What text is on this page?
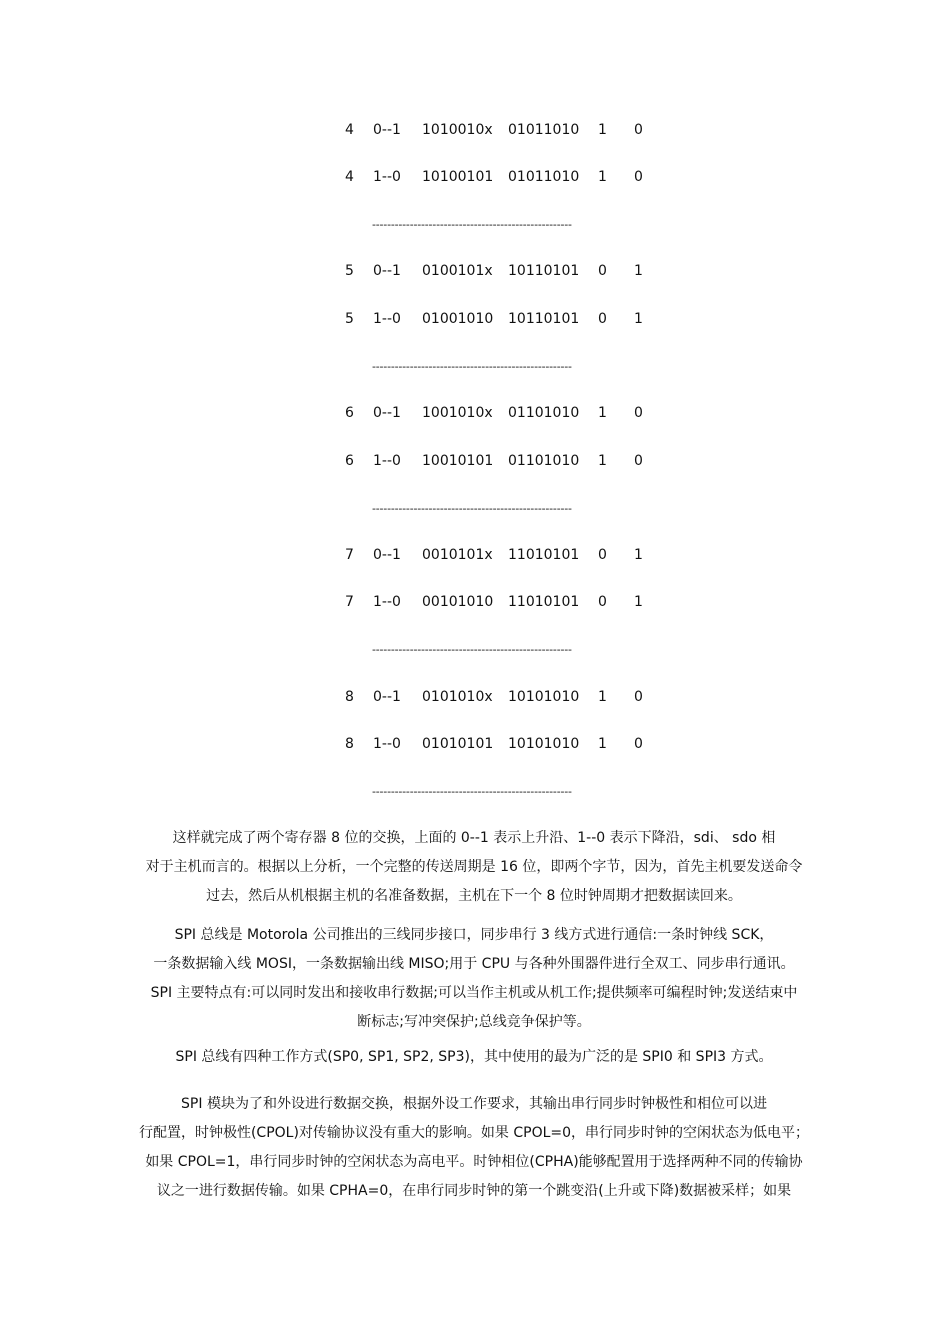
4 0--1 1010010x 01011010 1 0
4 1--0 10100101 01011010 1 0
-----------------------------------------------------
5 0--1 0100101x 10110101 0 1
5 1--0 01001010 10110101 0 1
-----------------------------------------------------
6 0--1 1001010x 01101010 1 0
6 1--0 10010101 01101010 1 0
-----------------------------------------------------
7 0--1 0010101x 11010101 0 1
7 1--0 00101010 11010101 0 1
-----------------------------------------------------
8 0--1 0101010x 10101010 1 0
8 1--0 01010101 10101010 1 0
-----------------------------------------------------
这样就完成了两个寄存器 8 位的交换，上面的 0--1 表示上升沿、1--0 表示下降沿，sdi、 sdo 相
对于主机而言的。根据以上分析，一个完整的传送周期是 16 位，即两个字节，因为，首先主机要发送命令
过去，然后从机根据主机的名准备数据，主机在下一个 8 位时钟周期才把数据读回来。
SPI 总线是 Motorola 公司推出的三线同步接口，同步串行 3 线方式进行通信:一条时钟线 SCK，
一条数据输入线 MOSI，一条数据输出线 MISO;用于 CPU 与各种外围器件进行全双工、同步串行通讯。
SPI 主要特点有:可以同时发出和接收串行数据;可以当作主机或从机工作;提供频率可编程时钟;发送结束中
断标志;写冲突保护;总线竞争保护等。
SPI 总线有四种工作方式(SP0, SP1, SP2, SP3)，其中使用的最为广泛的是 SPI0 和 SPI3 方式。
SPI 模块为了和外设进行数据交换，根据外设工作要求，其输出串行同步时钟极性和相位可以进
行配置，时钟极性(CPOL)对传输协议没有重大的影响。如果 CPOL=0，串行同步时钟的空闲状态为低电平；
如果 CPOL=1，串行同步时钟的空闲状态为高电平。时钟相位(CPHA)能够配置用于选择两种不同的传输协
议之一进行数据传输。如果 CPHA=0，在串行同步时钟的第一个跳变沿(上升或下降)数据被采样；如果
